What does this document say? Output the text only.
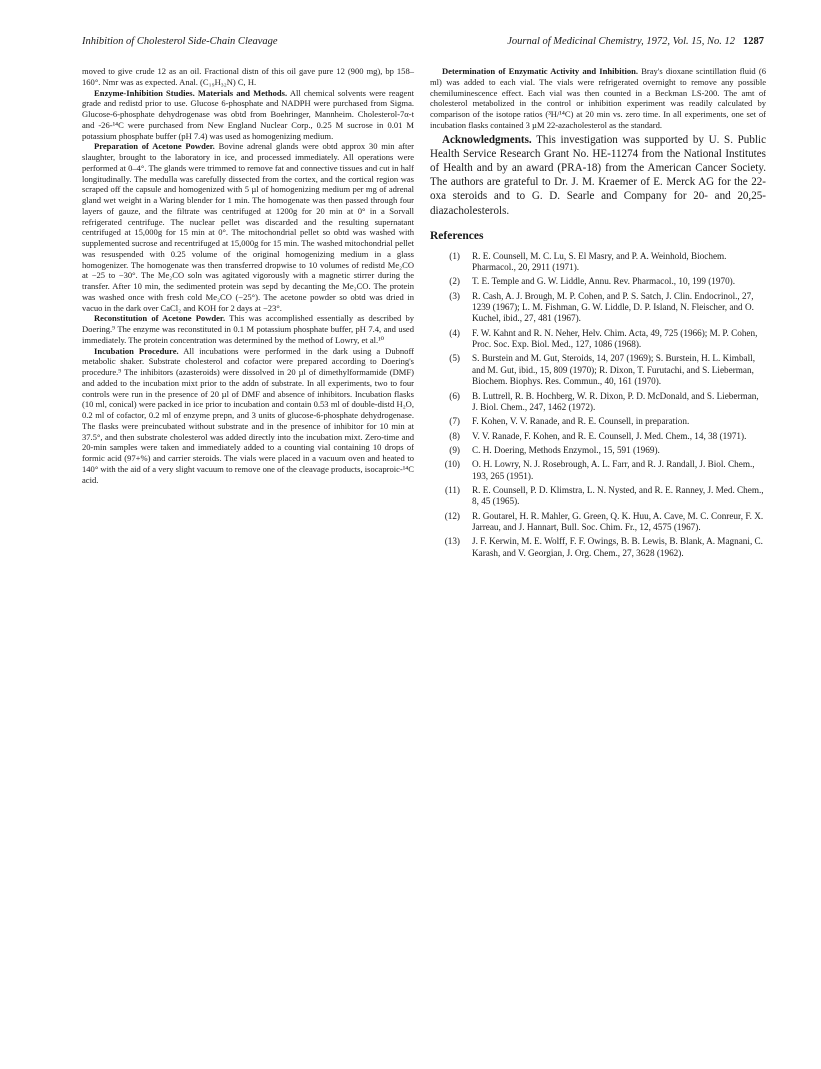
Inhibition of Cholesterol Side-Chain Cleavage	Journal of Medicinal Chemistry, 1972, Vol. 15, No. 12 1287

moved to give crude 12 as an oil. Fractional distn of this oil gave pure 12 (900 mg), bp 158–160°. Nmr was as expected. Anal. (C₁₉H₃₂N) C, H.

Enzyme-Inhibition Studies. Materials and Methods. All chemical solvents were reagent grade and redistd prior to use. Glucose 6-phosphate and NADPH were purchased from Sigma. Glucose-6-phosphate dehydrogenase was obtd from Boehringer, Mannheim. Cholesterol-7α-t and -26-¹⁴C were purchased from New England Nuclear Corp., 0.25 M sucrose in 0.01 M potassium phosphate buffer (pH 7.4) was used as homogenizing medium.

Preparation of Acetone Powder. Bovine adrenal glands were obtd approx 30 min after slaughter, brought to the laboratory in ice, and processed immediately. All operations were performed at 0–4°. The glands were trimmed to remove fat and connective tissues and cut in half longitudinally. The medulla was carefully dissected from the cortex, and the cortical region was scraped off the capsule and homogenized with 5 µl of homogenizing medium per mg of adrenal gland wet weight in a Waring blender for 1 min. The homogenate was then passed through four layers of gauze, and the filtrate was centrifuged at 1200g for 20 min at 0° in a Sorvall refrigerated centrifuge. The nuclear pellet was discarded and the resulting supernatant centrifuged at 15,000g for 15 min at 0°. The mitochondrial pellet so obtd was washed with supplemented sucrose and recentrifuged at 15,000g for 15 min. The washed mitochondrial pellet was resuspended with 0.25 volume of the original homogenizing medium in a glass homogenizer. The homogenate was then transferred dropwise to 10 volumes of redistd Me₂CO at −25 to −30°. The Me₂CO soln was agitated vigorously with a magnetic stirrer during the transfer. After 10 min, the sedimented protein was sepd by decanting the Me₂CO. The protein was washed once with fresh cold Me₂CO (−25°). The acetone powder so obtd was dried in vacuo in the dark over CaCl₂ and KOH for 2 days at −23°.

Reconstitution of Acetone Powder. This was accomplished essentially as described by Doering.⁹ The enzyme was reconstituted in 0.1 M potassium phosphate buffer, pH 7.4, and used immediately. The protein concentration was determined by the method of Lowry, et al.¹⁰

Incubation Procedure. All incubations were performed in the dark using a Dubnoff metabolic shaker. Substrate cholesterol and cofactor were prepared according to Doering's procedure.⁹ The inhibitors (azasteroids) were dissolved in 20 µl of dimethylformamide (DMF) and added to the incubation mixt prior to the addn of substrate. In all experiments, two to four controls were run in the presence of 20 µl of DMF and absence of inhibitors. Incubation flasks (10 ml, conical) were packed in ice prior to incubation and contain 0.53 ml of double-distd H₂O, 0.2 ml of cofactor, 0.2 ml of enzyme prepn, and 3 units of glucose-6-phosphate dehydrogenase. The flasks were preincubated without substrate and in the presence of inhibitor for 10 min at 37.5°, and then substrate cholesterol was added directly into the incubation mixt. Zero-time and 20-min samples were taken and immediately added to a counting vial containing 10 drops of formic acid (97+%) and carrier steroids. The vials were placed in a vacuum oven and heated to 140° with the aid of a very slight vacuum to remove one of the cleavage products, isocaproic-¹⁴C acid.

Determination of Enzymatic Activity and Inhibition. Bray's dioxane scintillation fluid (6 ml) was added to each vial. The vials were refrigerated overnight to remove any possible chemiluminescence effect. Each vial was then counted in a Beckman LS-200. The amt of cholesterol metabolized in the control or inhibition experiment was readily calculated by comparison of the isotope ratios (³H/¹⁴C) at 20 min vs. zero time. In all experiments, one set of incubation flasks contained 3 µM 22-azacholesterol as the standard.

Acknowledgments. This investigation was supported by U. S. Public Health Service Research Grant No. HE-11274 from the National Institutes of Health and by an award (PRA-18) from the American Cancer Society. The authors are grateful to Dr. J. M. Kraemer of E. Merck AG for the 22-oxa steroids and to G. D. Searle and Company for 20- and 20,25-diazacholesterols.

References
(1) R. E. Counsell, M. C. Lu, S. El Masry, and P. A. Weinhold, Biochem. Pharmacol., 20, 2911 (1971).
(2) T. E. Temple and G. W. Liddle, Annu. Rev. Pharmacol., 10, 199 (1970).
(3) R. Cash, A. J. Brough, M. P. Cohen, and P. S. Satch, J. Clin. Endocrinol., 27, 1239 (1967); L. M. Fishman, G. W. Liddle, D. P. Island, N. Fleischer, and O. Kuchel, ibid., 27, 481 (1967).
(4) F. W. Kahnt and R. N. Neher, Helv. Chim. Acta, 49, 725 (1966); M. P. Cohen, Proc. Soc. Exp. Biol. Med., 127, 1086 (1968).
(5) S. Burstein and M. Gut, Steroids, 14, 207 (1969); S. Burstein, H. L. Kimball, and M. Gut, ibid., 15, 809 (1970); R. Dixon, T. Furutachi, and S. Lieberman, Biochem. Biophys. Res. Commun., 40, 161 (1970).
(6) B. Luttrell, R. B. Hochberg, W. R. Dixon, P. D. McDonald, and S. Lieberman, J. Biol. Chem., 247, 1462 (1972).
(7) F. Kohen, V. V. Ranade, and R. E. Counsell, in preparation.
(8) V. V. Ranade, F. Kohen, and R. E. Counsell, J. Med. Chem., 14, 38 (1971).
(9) C. H. Doering, Methods Enzymol., 15, 591 (1969).
(10) O. H. Lowry, N. J. Rosebrough, A. L. Farr, and R. J. Randall, J. Biol. Chem., 193, 265 (1951).
(11) R. E. Counsell, P. D. Klimstra, L. N. Nysted, and R. E. Ranney, J. Med. Chem., 8, 45 (1965).
(12) R. Goutarel, H. R. Mahler, G. Green, Q. K. Huu, A. Cave, M. C. Conreur, F. X. Jarreau, and J. Hannart, Bull. Soc. Chim. Fr., 12, 4575 (1967).
(13) J. F. Kerwin, M. E. Wolff, F. F. Owings, B. B. Lewis, B. Blank, A. Magnani, C. Karash, and V. Georgian, J. Org. Chem., 27, 3628 (1962).
